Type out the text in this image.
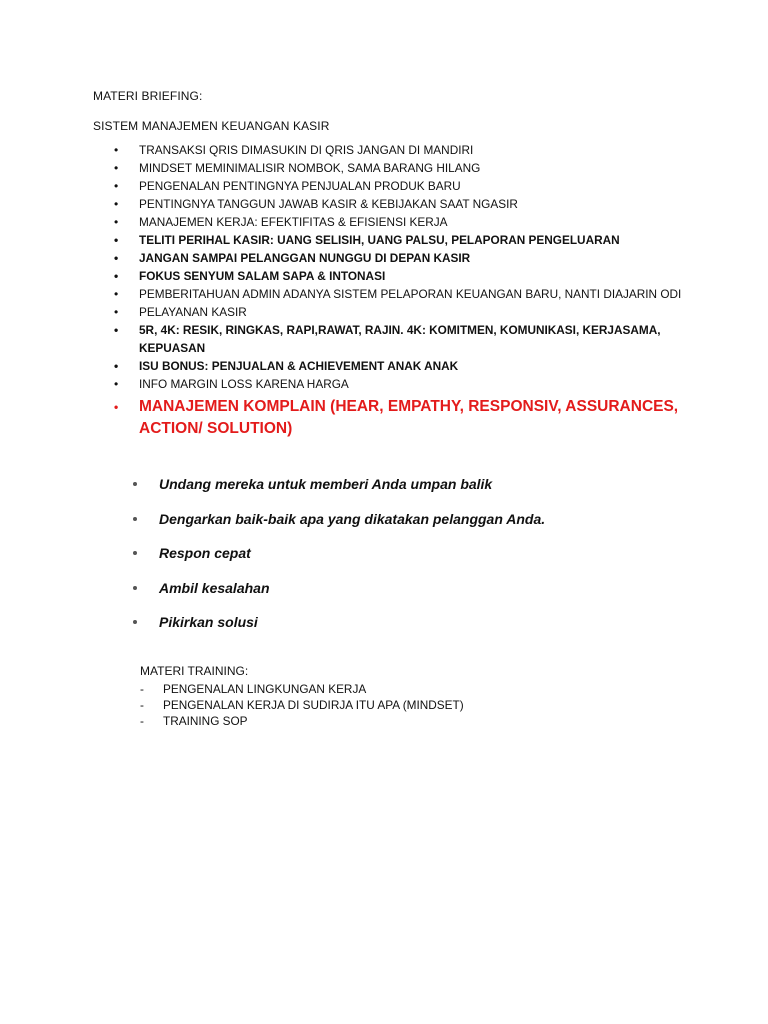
MATERI BRIEFING:
SISTEM MANAJEMEN KEUANGAN KASIR
• TRANSAKSI QRIS DIMASUKIN DI QRIS JANGAN DI MANDIRI
• MINDSET MEMINIMALISIR NOMBOK, SAMA BARANG HILANG
• PENGENALAN PENTINGNYA PENJUALAN PRODUK BARU
• PENTINGNYA TANGGUN JAWAB KASIR & KEBIJAKAN SAAT NGASIR
• MANAJEMEN KERJA: EFEKTIFITAS & EFISIENSI KERJA
• TELITI PERIHAL KASIR: UANG SELISIH, UANG PALSU, PELAPORAN PENGELUARAN
• JANGAN SAMPAI PELANGGAN NUNGGU DI DEPAN KASIR
• FOKUS SENYUM SALAM SAPA & INTONASI
• PEMBERITAHUAN ADMIN ADANYA SISTEM PELAPORAN KEUANGAN BARU, NANTI DIAJARIN ODI
• PELAYANAN KASIR
• 5R, 4K: RESIK, RINGKAS, RAPI,RAWAT, RAJIN. 4K: KOMITMEN, KOMUNIKASI, KERJASAMA, KEPUASAN
• ISU BONUS: PENJUALAN & ACHIEVEMENT ANAK ANAK
• INFO MARGIN LOSS KARENA HARGA
• MANAJEMEN KOMPLAIN (HEAR, EMPATHY, RESPONSIV, ASSURANCES, ACTION/ SOLUTION)
Undang mereka untuk memberi Anda umpan balik
Dengarkan baik-baik apa yang dikatakan pelanggan Anda.
Respon cepat
Ambil kesalahan
Pikirkan solusi
MATERI TRAINING:
- PENGENALAN LINGKUNGAN KERJA
- PENGENALAN KERJA DI SUDIRJA ITU APA (MINDSET)
- TRAINING SOP
